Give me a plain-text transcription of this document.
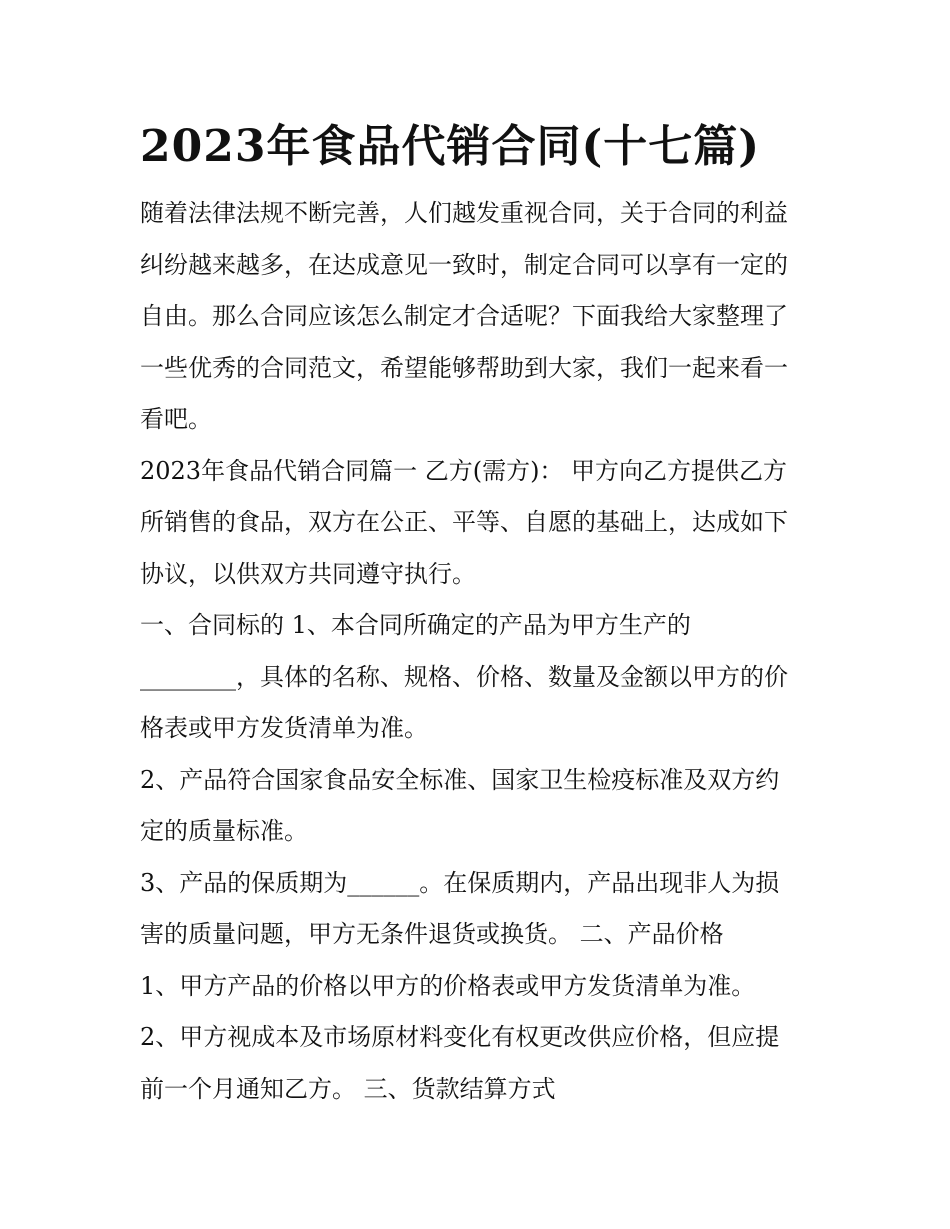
2023年食品代销合同(十七篇)

随着法律法规不断完善，人们越发重视合同，关于合同的利益

纠纷越来越多，在达成意见一致时，制定合同可以享有一定的

自由。那么合同应该怎么制定才合适呢？下面我给大家整理了

一些优秀的合同范文，希望能够帮助到大家，我们一起来看一

看吧。

2023年食品代销合同篇一 乙方(需方)： 甲方向乙方提供乙方

所销售的食品，双方在公正、平等、自愿的基础上，达成如下

协议，以供双方共同遵守执行。

一、合同标的 1、本合同所确定的产品为甲方生产的

________，具体的名称、规格、价格、数量及金额以甲方的价

格表或甲方发货清单为准。

2、产品符合国家食品安全标准、国家卫生检疫标准及双方约

定的质量标准。

3、产品的保质期为______。在保质期内，产品出现非人为损

害的质量问题，甲方无条件退货或换货。 二、产品价格

1、甲方产品的价格以甲方的价格表或甲方发货清单为准。

2、甲方视成本及市场原材料变化有权更改供应价格，但应提

前一个月通知乙方。 三、货款结算方式
